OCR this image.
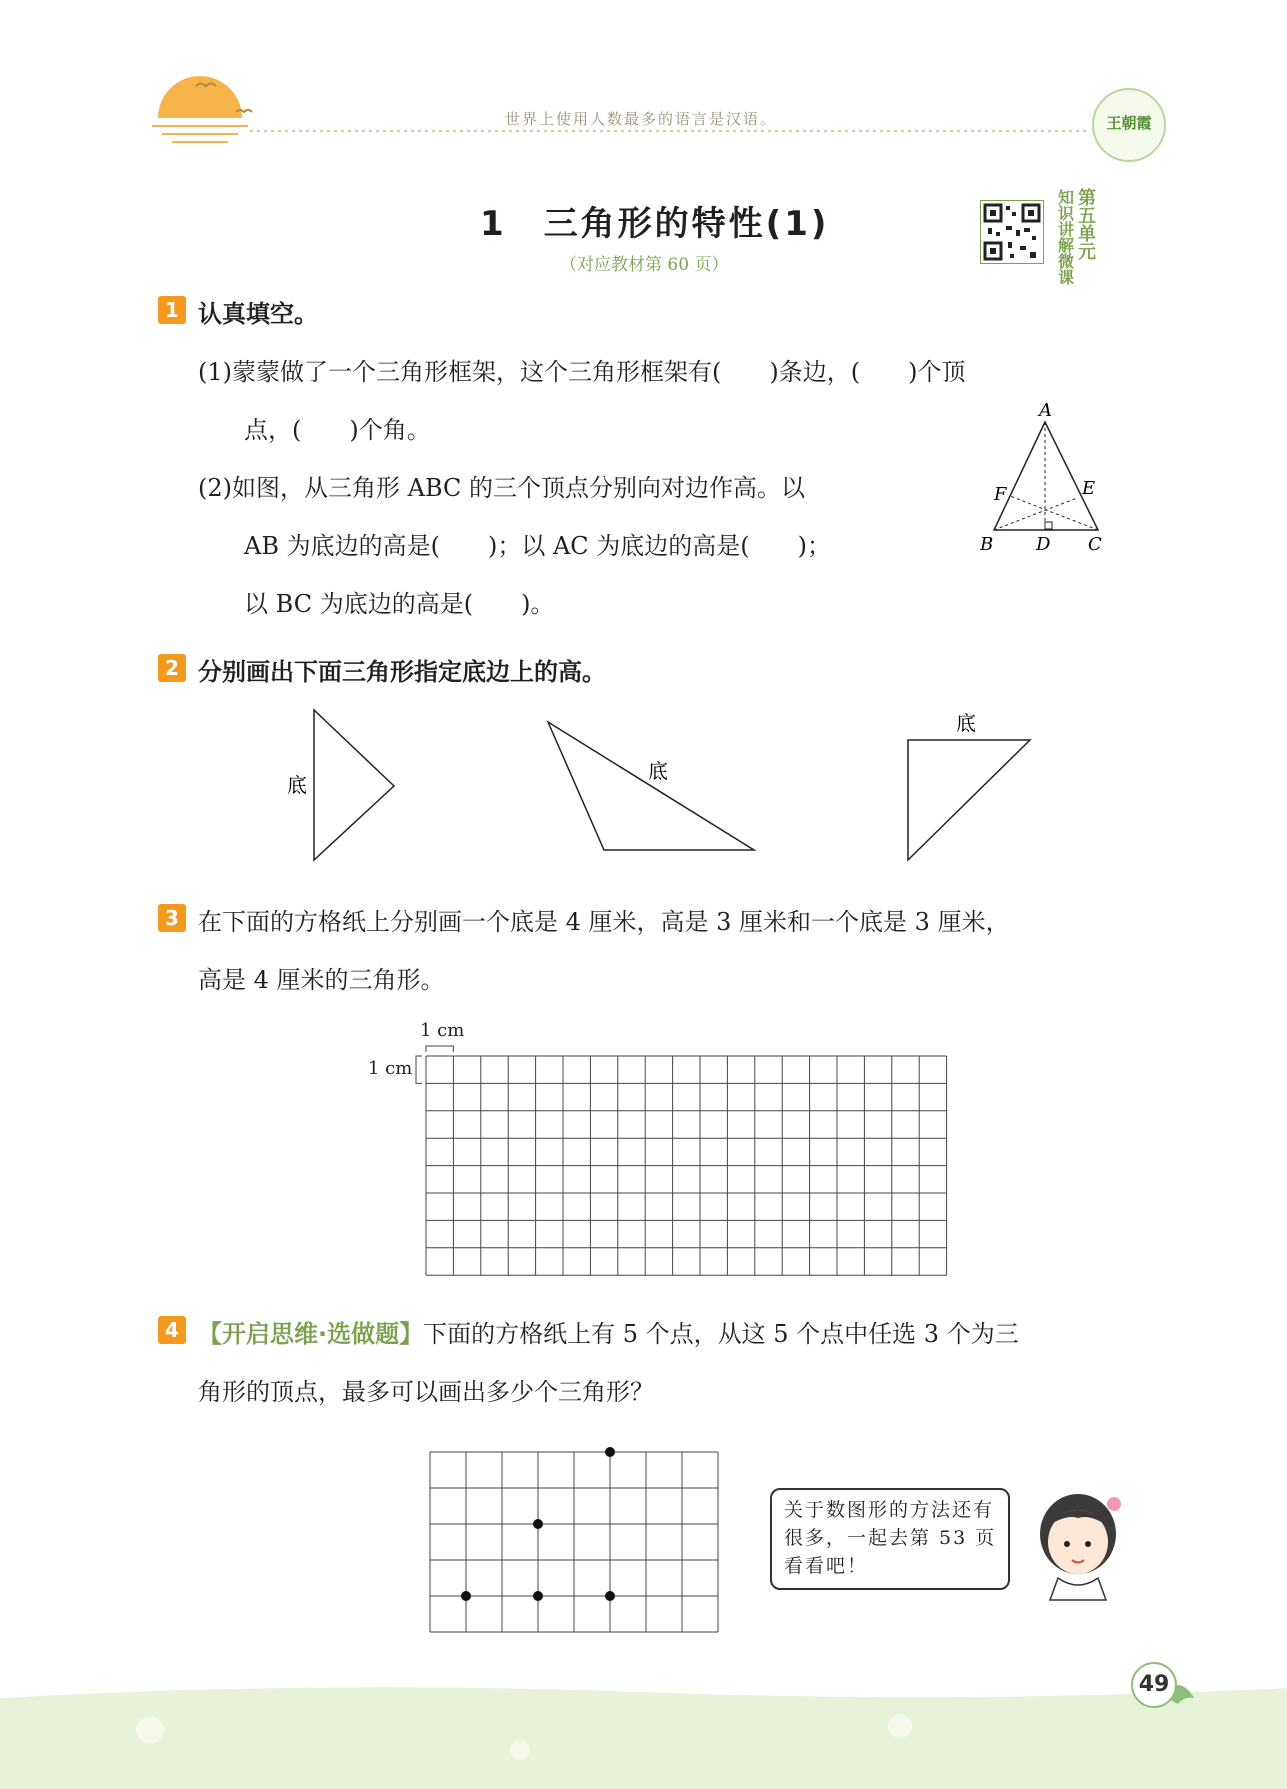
世界上使用人数最多的语言是汉语。	王朝霞
1　三角形的特性(1)
（对应教材第 60 页）
知识讲解微课
第五单元
1 认真填空。
(1)蒙蒙做了一个三角形框架，这个三角形框架有(　　)条边，(　　)个顶
点，(　　)个角。
(2)如图，从三角形 ABC 的三个顶点分别向对边作高。以
AB 为底边的高是(　　)；以 AC 为底边的高是(　　)；
以 BC 为底边的高是(　　)。
A
B	C
D
E
F
2 分别画出下面三角形指定底边上的高。
底
底
底
3 在下面的方格纸上分别画一个底是 4 厘米，高是 3 厘米和一个底是 3 厘米，
高是 4 厘米的三角形。
1 cm
1 cm
4 【开启思维·选做题】下面的方格纸上有 5 个点，从这 5 个点中任选 3 个为三
角形的顶点，最多可以画出多少个三角形？
关于数图形的方法还有很多，一起去第 53 页看看吧！
49
